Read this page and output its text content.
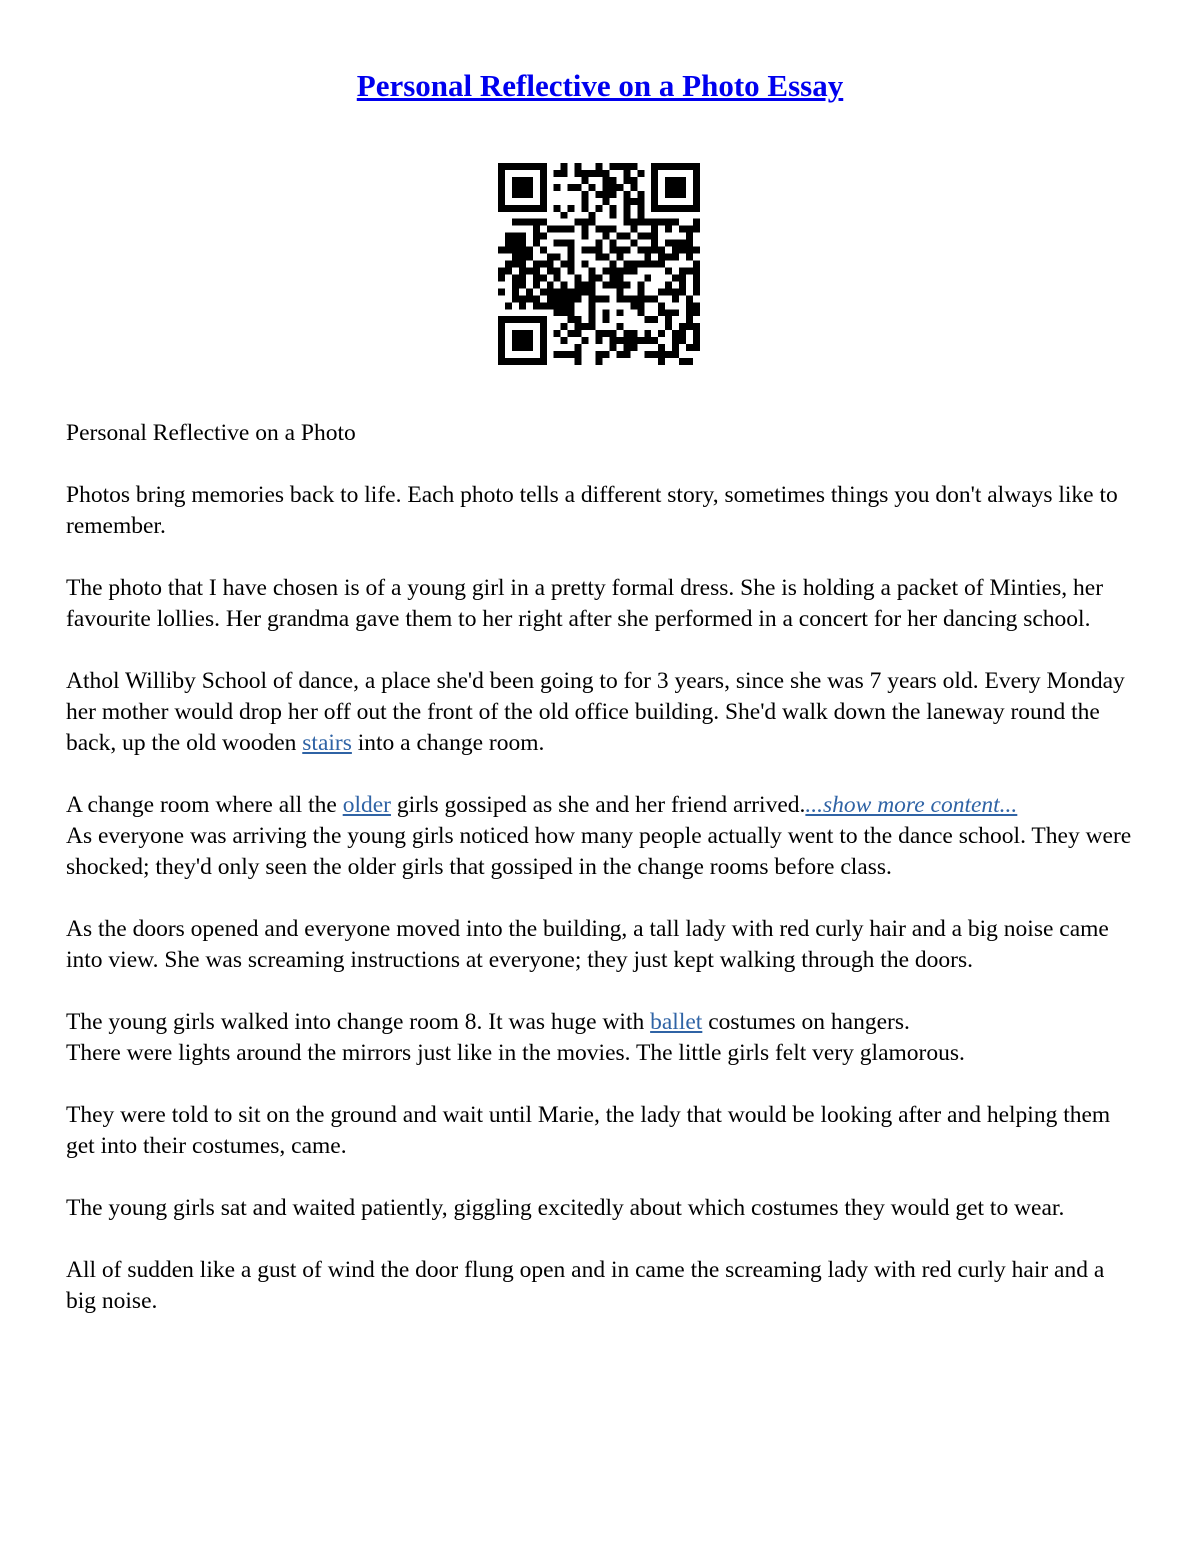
Personal Reflective on a Photo Essay

Personal Reflective on a Photo

Photos bring memories back to life. Each photo tells a different story, sometimes things you don't always like to remember.

The photo that I have chosen is of a young girl in a pretty formal dress. She is holding a packet of Minties, her favourite lollies. Her grandma gave them to her right after she performed in a concert for her dancing school.

Athol Williby School of dance, a place she'd been going to for 3 years, since she was 7 years old. Every Monday her mother would drop her off out the front of the old office building. She'd walk down the laneway round the back, up the old wooden stairs into a change room.

A change room where all the older girls gossiped as she and her friend arrived....show more content...

As everyone was arriving the young girls noticed how many people actually went to the dance school. They were shocked; they'd only seen the older girls that gossiped in the change rooms before class.

As the doors opened and everyone moved into the building, a tall lady with red curly hair and a big noise came into view. She was screaming instructions at everyone; they just kept walking through the doors.

The young girls walked into change room 8. It was huge with ballet costumes on hangers.
There were lights around the mirrors just like in the movies. The little girls felt very glamorous.

They were told to sit on the ground and wait until Marie, the lady that would be looking after and helping them get into their costumes, came.

The young girls sat and waited patiently, giggling excitedly about which costumes they would get to wear.

All of sudden like a gust of wind the door flung open and in came the screaming lady with red curly hair and a big noise.
